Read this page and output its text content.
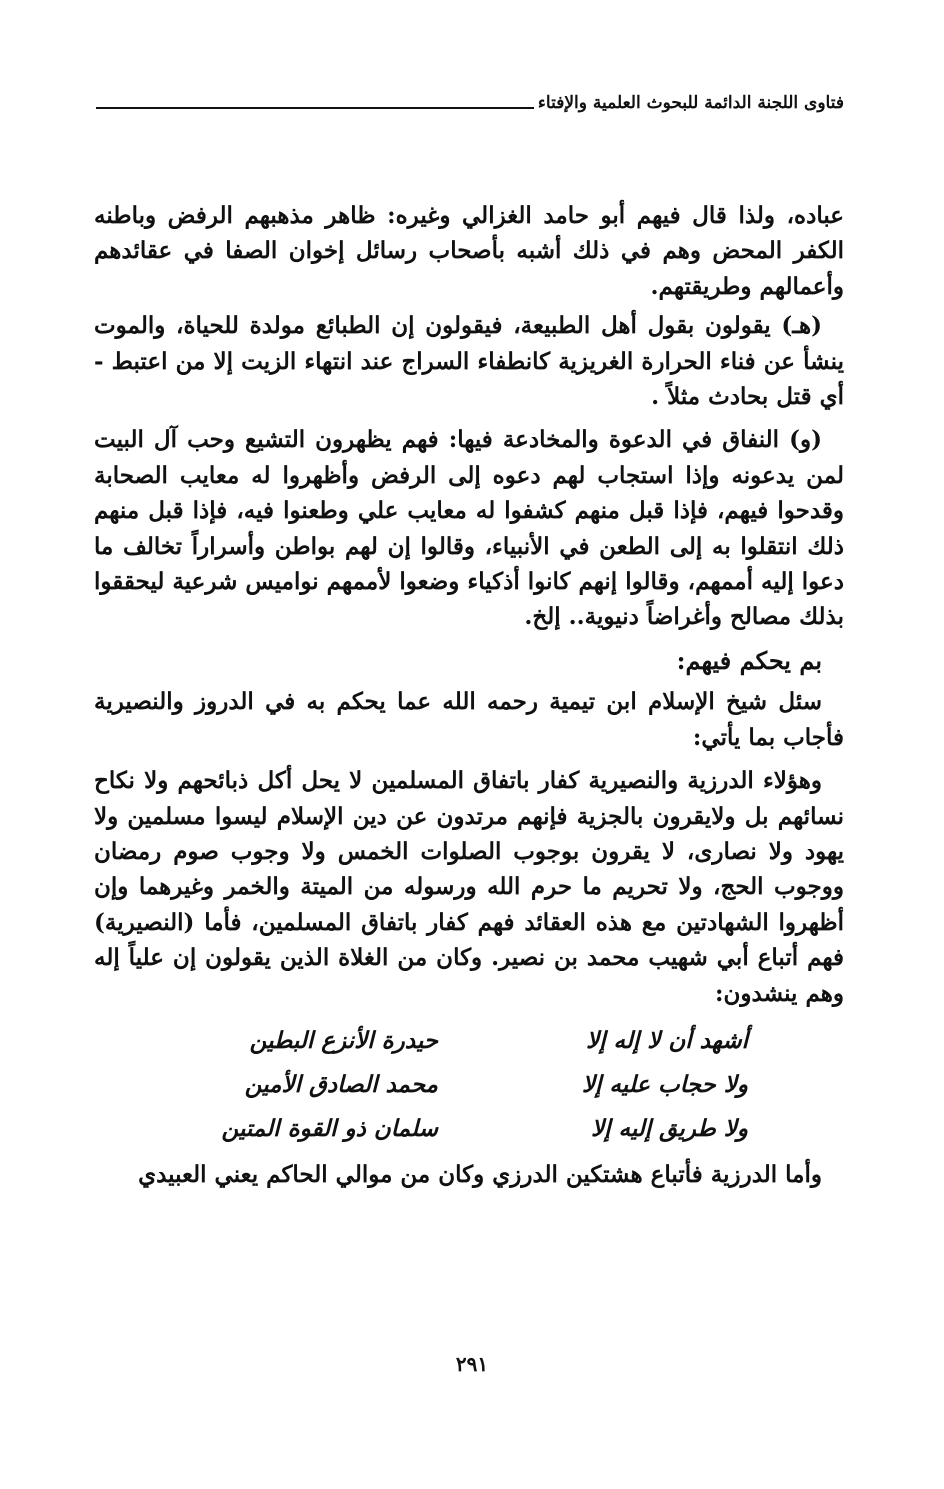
فتاوى اللجنة الدائمة للبحوث العلمية والإفتاء

عباده، ولذا قال فيهم أبو حامد الغزالي وغيره: ظاهر مذهبهم الرفض وباطنه الكفر المحض وهم في ذلك أشبه بأصحاب رسائل إخوان الصفا في عقائدهم وأعمالهم وطريقتهم.

(هـ) يقولون بقول أهل الطبيعة، فيقولون إن الطبائع مولدة للحياة، والموت ينشأ عن فناء الحرارة الغريزية كانطفاء السراج عند انتهاء الزيت إلا من اعتبط - أي قتل بحادث مثلاً .

(و) النفاق في الدعوة والمخادعة فيها: فهم يظهرون التشيع وحب آل البيت لمن يدعونه وإذا استجاب لهم دعوه إلى الرفض وأظهروا له معايب الصحابة وقدحوا فيهم، فإذا قبل منهم كشفوا له معايب علي وطعنوا فيه، فإذا قبل منهم ذلك انتقلوا به إلى الطعن في الأنبياء، وقالوا إن لهم بواطن وأسراراً تخالف ما دعوا إليه أممهم، وقالوا إنهم كانوا أذكياء وضعوا لأممهم نواميس شرعية ليحققوا بذلك مصالح وأغراضاً دنيوية.. إلخ.

بم يحكم فيهم:

سئل شيخ الإسلام ابن تيمية رحمه الله عما يحكم به في الدروز والنصيرية فأجاب بما يأتي:

وهؤلاء الدرزية والنصيرية كفار باتفاق المسلمين لا يحل أكل ذبائحهم ولا نكاح نسائهم بل ولايقرون بالجزية فإنهم مرتدون عن دين الإسلام ليسوا مسلمين ولا يهود ولا نصارى، لا يقرون بوجوب الصلوات الخمس ولا وجوب صوم رمضان ووجوب الحج، ولا تحريم ما حرم الله ورسوله من الميتة والخمر وغيرهما وإن أظهروا الشهادتين مع هذه العقائد فهم كفار باتفاق المسلمين، فأما (النصيرية) فهم أتباع أبي شهيب محمد بن نصير. وكان من الغلاة الذين يقولون إن علياً إله وهم ينشدون:

أشهد أن لا إله إلا
حيدرة الأنزع البطين
ولا حجاب عليه إلا
محمد الصادق الأمين
ولا طريق إليه إلا
سلمان ذو القوة المتين

وأما الدرزية فأتباع هشتكين الدرزي وكان من موالي الحاكم يعني العبيدي

٢٩١
